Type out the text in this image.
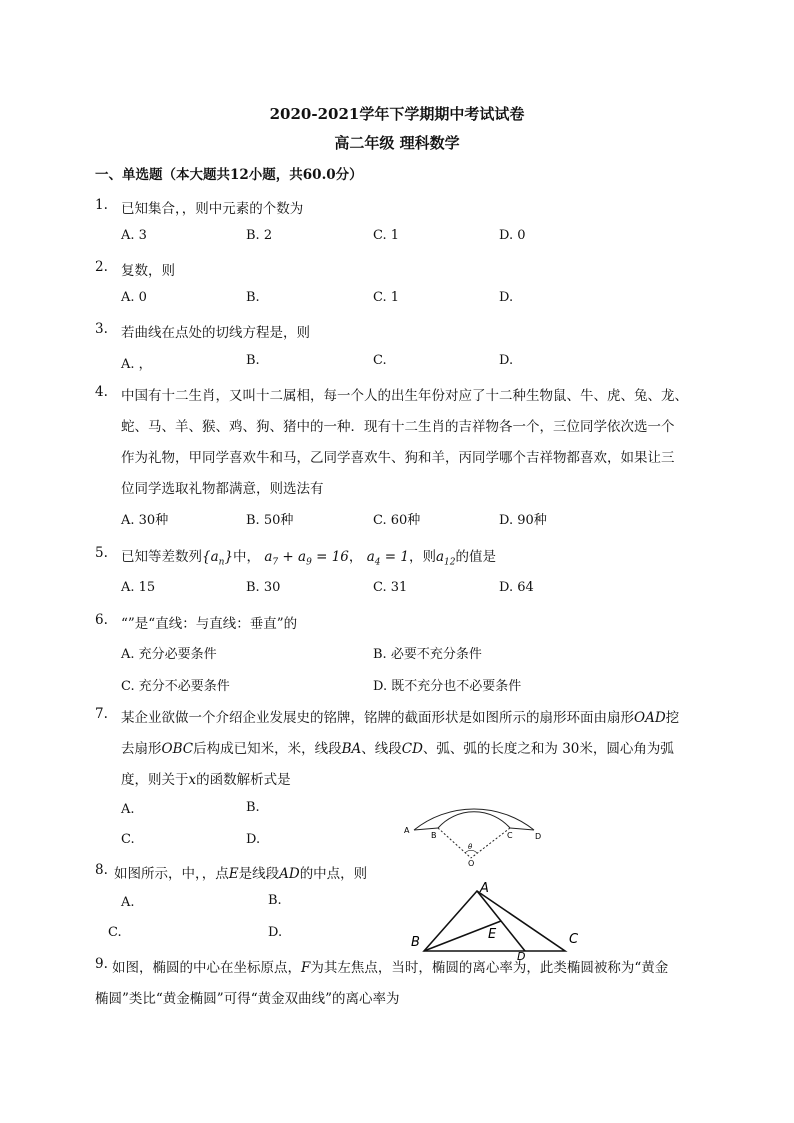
2020-2021学年下学期期中考试试卷
高二年级 理科数学
一、单选题（本大题共12小题，共60.0分）
1. 已知集合，，则中元素的个数为
A. 3	B. 2	C. 1	D. 0
2. 复数，则
A. 0	B.	C. 1	D.
3. 若曲线在点处的切线方程是，则
A. ，	B.	C.	D.
4. 中国有十二生肖，又叫十二属相，每一个人的出生年份对应了十二种生物鼠、牛、虎、兔、龙、
蛇、马、羊、猴、鸡、狗、猪中的一种．现有十二生肖的吉祥物各一个，三位同学依次选一个
作为礼物，甲同学喜欢牛和马，乙同学喜欢牛、狗和羊，丙同学哪个吉祥物都喜欢，如果让三
位同学选取礼物都满意，则选法有
A. 30种	B. 50种	C. 60种	D. 90种
5. 已知等差数列$\{a_n\}$中， $a_7 + a_9 = 16$， $a_4 = 1$，则$a_{12}$的值是
A. 15	B. 30	C. 31	D. 64
6. “”是“直线：与直线：垂直”的
A. 充分必要条件	B. 必要不充分条件
C. 充分不必要条件	D. 既不充分也不必要条件
7. 某企业欲做一个介绍企业发展史的铭牌，铭牌的截面形状是如图所示的扇形环面由扇形OAD挖
去扇形OBC后构成已知米，米，线段BA、线段CD、弧、弧的长度之和为 30米，圆心角为弧
度，则关于x的函数解析式是
A.	B.
C.	D.
A
B	C	D
O
θ
8. 如图所示，中，，点E是线段AD的中点，则
A.	B.
C.	D.
A
B	C
E
D
9. 如图，椭圆的中心在坐标原点，F为其左焦点，当时，椭圆的离心率为，此类椭圆被称为“黄金
椭圆”类比“黄金椭圆”可得“黄金双曲线”的离心率为
